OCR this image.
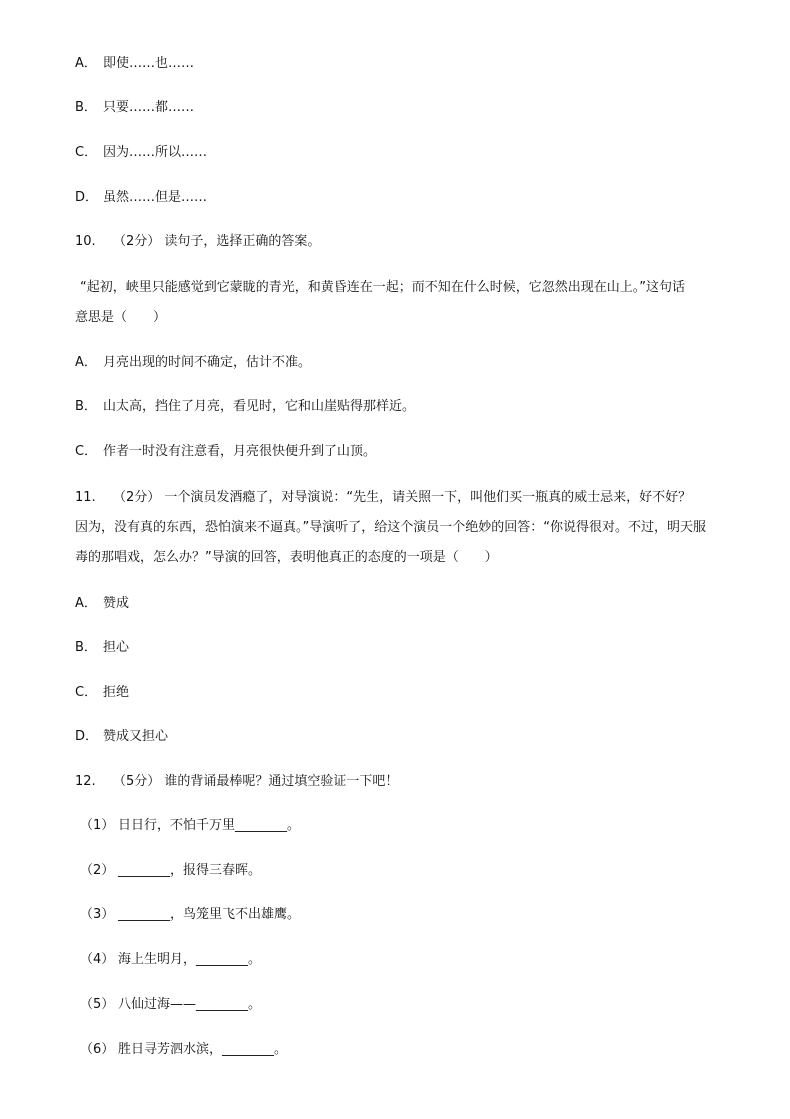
A． 即使……也……
B． 只要……都……
C． 因为……所以……
D． 虽然……但是……
10. （2分） 读句子，选择正确的答案。
“起初，峡里只能感觉到它蒙眬的青光，和黄昏连在一起；而不知在什么时候，它忽然出现在山上。”这句话
意思是（　　）
A． 月亮出现的时间不确定，估计不准。
B． 山太高，挡住了月亮，看见时，它和山崖贴得那样近。
C． 作者一时没有注意看，月亮很快便升到了山顶。
11. （2分） 一个演员发酒瘾了，对导演说：“先生，请关照一下，叫他们买一瓶真的威士忌来，好不好？
因为，没有真的东西，恐怕演来不逼真。”导演听了，给这个演员一个绝妙的回答：“你说得很对。不过，明天服
毒的那唱戏，怎么办？”导演的回答，表明他真正的态度的一项是（　　）
A． 赞成
B． 担心
C． 拒绝
D． 赞成又担心
12. （5分） 谁的背诵最棒呢？通过填空验证一下吧！
（1） 日日行，不怕千万里________。
（2） ________，报得三春晖。
（3） ________，鸟笼里飞不出雄鹰。
（4） 海上生明月，________。
（5） 八仙过海——________。
（6） 胜日寻芳泗水滨，________。
